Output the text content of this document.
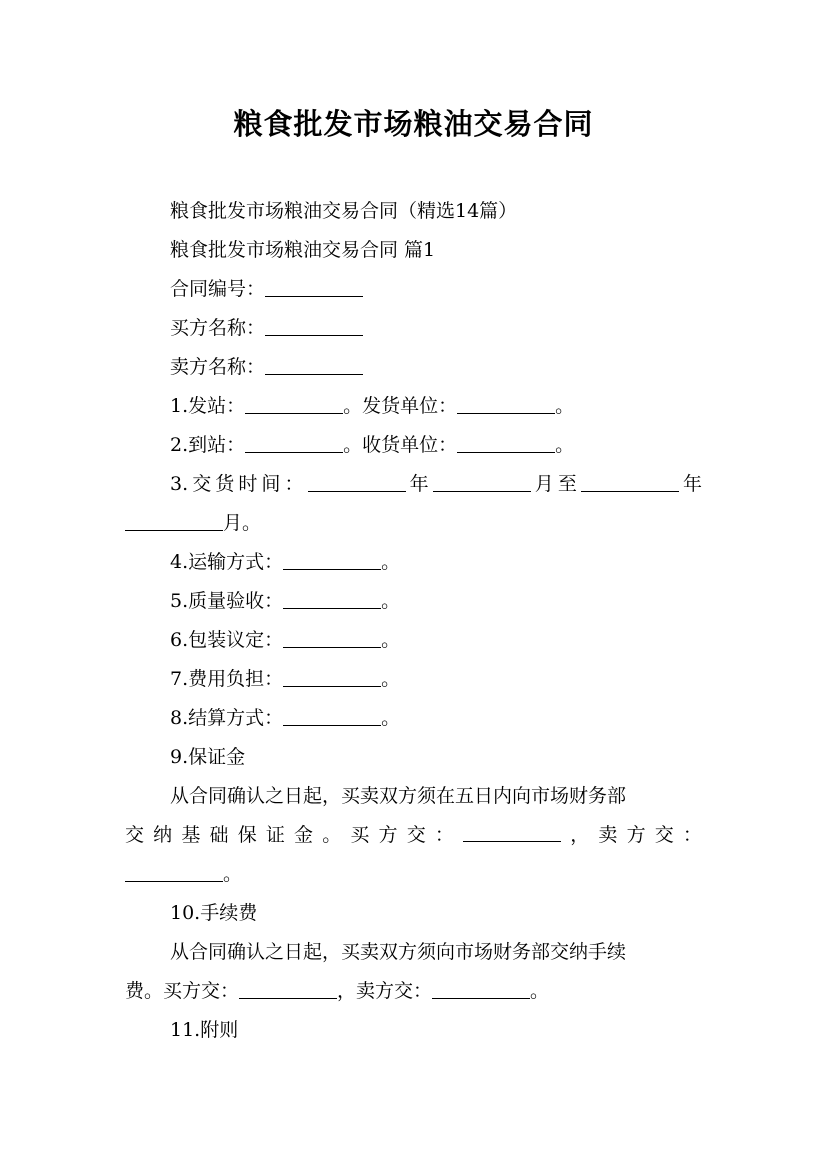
粮食批发市场粮油交易合同
粮食批发市场粮油交易合同（精选14篇）
粮食批发市场粮油交易合同 篇1
合同编号：
买方名称：
卖方名称：
1.发站：	。发货单位：	。
2.到站：	。收货单位：	。
3.交货时间：	年	月至	年
月。
4.运输方式：	。
5.质量验收：	。
6.包装议定：	。
7.费用负担：	。
8.结算方式：	。
9.保证金
从合同确认之日起，买卖双方须在五日内向市场财务部
交 纳 基 础 保 证 金 。 买 方 交 ：	， 卖 方 交 ：
。
10.手续费
从合同确认之日起，买卖双方须向市场财务部交纳手续
费。买方交：	，卖方交：	。
11.附则
